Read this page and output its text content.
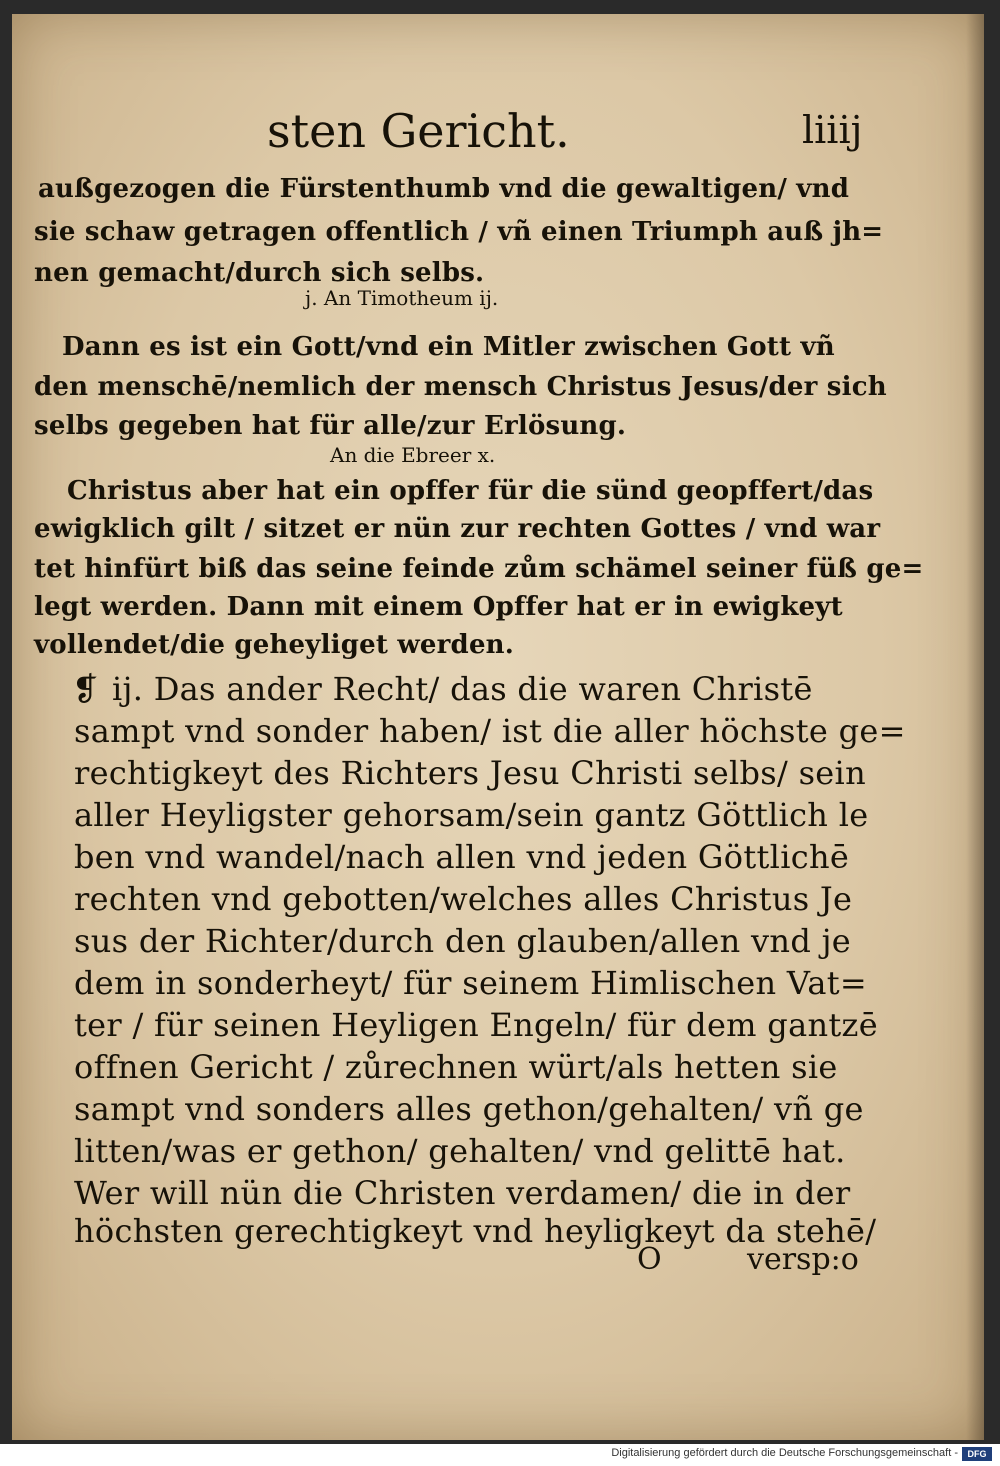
sten Gericht.	liiij

außgezogen die Fürstenthumb vnd die gewaltigen/ vnd

sie schaw getragen offentlich / vñ einen Triumph auß jh=

nen gemacht/durch sich selbs.

j. An Timotheum ij.

Dann es ist ein Gott/vnd ein Mitler zwischen Gott vñ

den menschē/nemlich der mensch Christus Jesus/der sich

selbs gegeben hat für alle/zur Erlösung.

An die Ebreer x.

Christus aber hat ein opffer für die sünd geopffert/das

ewigklich gilt / sitzet er nün zur rechten Gottes / vnd war

tet hinfürt biß das seine feinde zům schämel seiner füß ge=

legt werden. Dann mit einem Opffer hat er in ewigkeyt

vollendet/die geheyliget werden.

❡ ij. Das ander Recht/ das die waren Christē

sampt vnd sonder haben/ ist die aller höchste ge=

rechtigkeyt des Richters Jesu Christi selbs/ sein

aller Heyligster gehorsam/sein gantz Göttlich le

ben vnd wandel/nach allen vnd jeden Göttlichē

rechten vnd gebotten/welches alles Christus Je

sus der Richter/durch den glauben/allen vnd je

dem in sonderheyt/ für seinem Himlischen Vat=

ter / für seinen Heyligen Engeln/ für dem gantzē

offnen Gericht / zůrechnen würt/als hetten sie

sampt vnd sonders alles gethon/gehalten/ vñ ge

litten/was er gethon/ gehalten/ vnd gelittē hat.

Wer will nün die Christen verdamen/ die in der

höchsten gerechtigkeyt vnd heyligkeyt da stehē/

O	versp:o

Digitalisierung gefördert durch die Deutsche Forschungsgemeinschaft -	DFG
